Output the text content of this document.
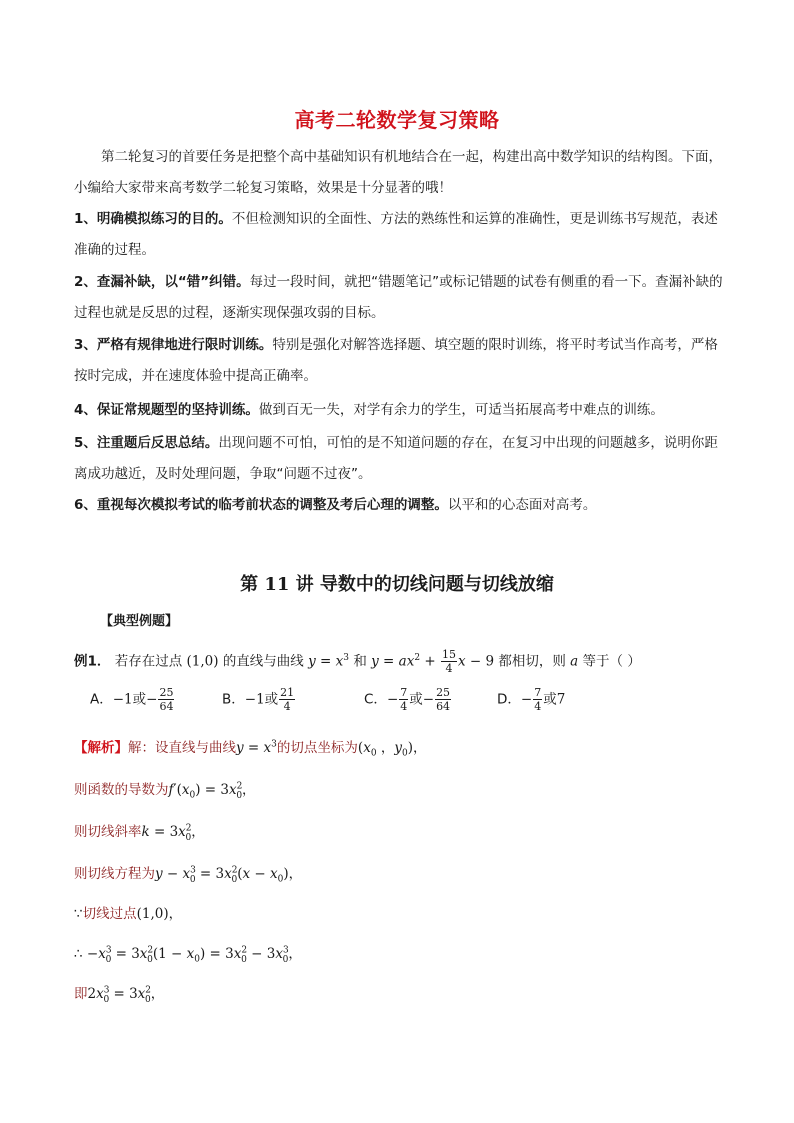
高考二轮数学复习策略
第二轮复习的首要任务是把整个高中基础知识有机地结合在一起，构建出高中数学知识的结构图。下面，小编给大家带来高考数学二轮复习策略，效果是十分显著的哦！
1、明确模拟练习的目的。不但检测知识的全面性、方法的熟练性和运算的准确性，更是训练书写规范，表述准确的过程。
2、查漏补缺，以“错”纠错。每过一段时间，就把“错题笔记”或标记错题的试卷有侧重的看一下。查漏补缺的过程也就是反思的过程，逐渐实现保强攻弱的目标。
3、严格有规律地进行限时训练。特别是强化对解答选择题、填空题的限时训练，将平时考试当作高考，严格按时完成，并在速度体验中提高正确率。
4、保证常规题型的坚持训练。做到百无一失，对学有余力的学生，可适当拓展高考中难点的训练。
5、注重题后反思总结。出现问题不可怕，可怕的是不知道问题的存在，在复习中出现的问题越多，说明你距离成功越近，及时处理问题，争取“问题不过夜”。
6、重视每次模拟考试的临考前状态的调整及考后心理的调整。以平和的心态面对高考。
第 11 讲 导数中的切线问题与切线放缩
【典型例题】
例1． 若存在过点 (1,0) 的直线与曲线 $y = x^3$ 和 $y = ax^2 + \frac{15}{4}$ x − 9 都相切，则 a 等于（ ）
A．−1或− $\frac{25}{64}$	B．−1或 $\frac{21}{4}$	C．− $\frac{7}{4}$ 或− $\frac{25}{64}$	D．− $\frac{7}{4}$ 或7
【解析】解：设直线与曲线$y = x^3$的切点坐标为($x_0$ ，$y_0$)，
则函数的导数为$f'(x_0) = 3x^2_0$，
则切线斜率$k = 3x^2_0$，
则切线方程为$y - x^3_0 = 3x^2_0(x - x_0)$，
∵切线过点(1,0)，
∴ $-x^3_0 = 3x^2_0(1 - x_0) = 3x^2_0 - 3x^3_0$，
即$2x^3_0 = 3x^2_0$，
